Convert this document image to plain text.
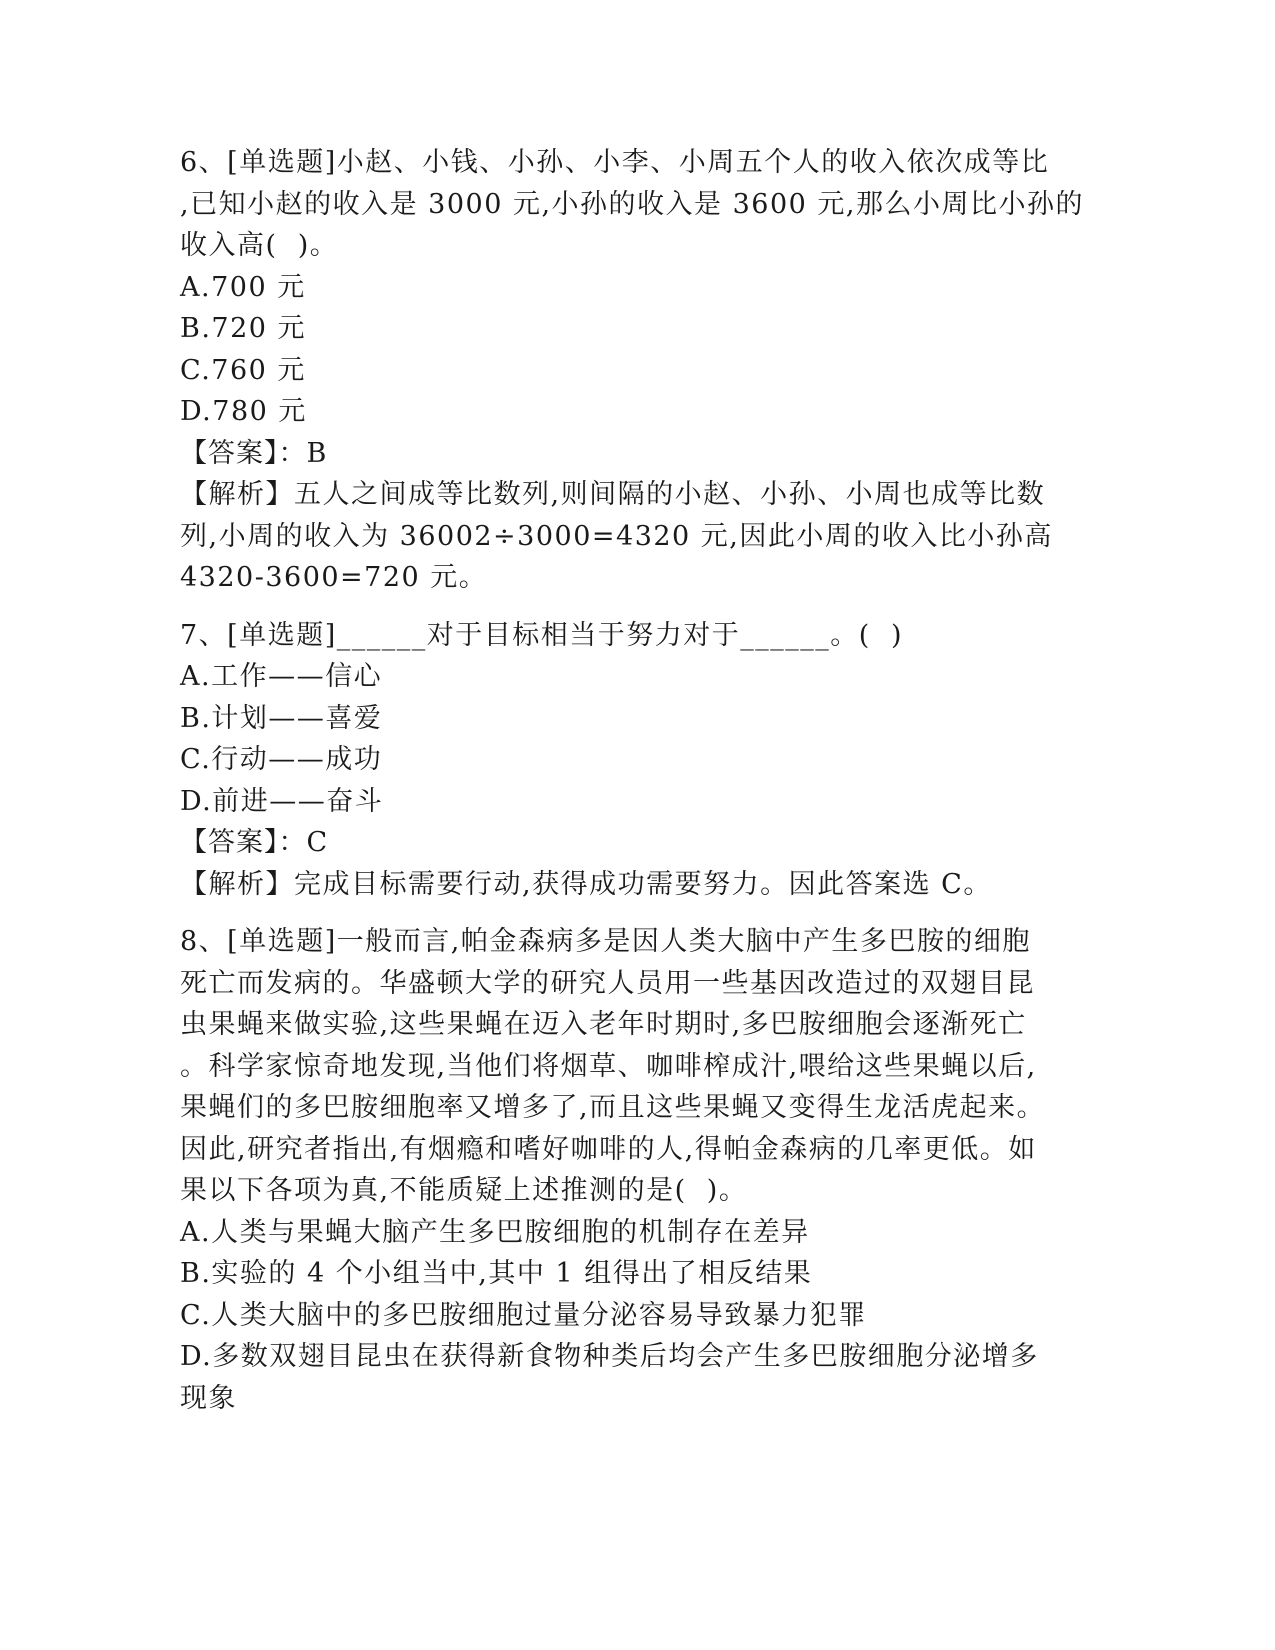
6、[单选题]小赵、小钱、小孙、小李、小周五个人的收入依次成等比

,已知小赵的收入是 3000 元,小孙的收入是 3600 元,那么小周比小孙的

收入高(  )。

A.700 元

B.720 元

C.760 元

D.780 元

【答案】：B

【解析】五人之间成等比数列,则间隔的小赵、小孙、小周也成等比数

列,小周的收入为 36002÷3000=4320 元,因此小周的收入比小孙高

4320-3600=720 元。

7、[单选题]______对于目标相当于努力对于______。(  )

A.工作——信心

B.计划——喜爱

C.行动——成功

D.前进——奋斗

【答案】：C

【解析】完成目标需要行动,获得成功需要努力。因此答案选 C。

8、[单选题]一般而言,帕金森病多是因人类大脑中产生多巴胺的细胞

死亡而发病的。华盛顿大学的研究人员用一些基因改造过的双翅目昆

虫果蝇来做实验,这些果蝇在迈入老年时期时,多巴胺细胞会逐渐死亡

。科学家惊奇地发现,当他们将烟草、咖啡榨成汁,喂给这些果蝇以后,

果蝇们的多巴胺细胞率又增多了,而且这些果蝇又变得生龙活虎起来。

因此,研究者指出,有烟瘾和嗜好咖啡的人,得帕金森病的几率更低。如

果以下各项为真,不能质疑上述推测的是(  )。

A.人类与果蝇大脑产生多巴胺细胞的机制存在差异

B.实验的 4 个小组当中,其中 1 组得出了相反结果

C.人类大脑中的多巴胺细胞过量分泌容易导致暴力犯罪

D.多数双翅目昆虫在获得新食物种类后均会产生多巴胺细胞分泌增多

现象
